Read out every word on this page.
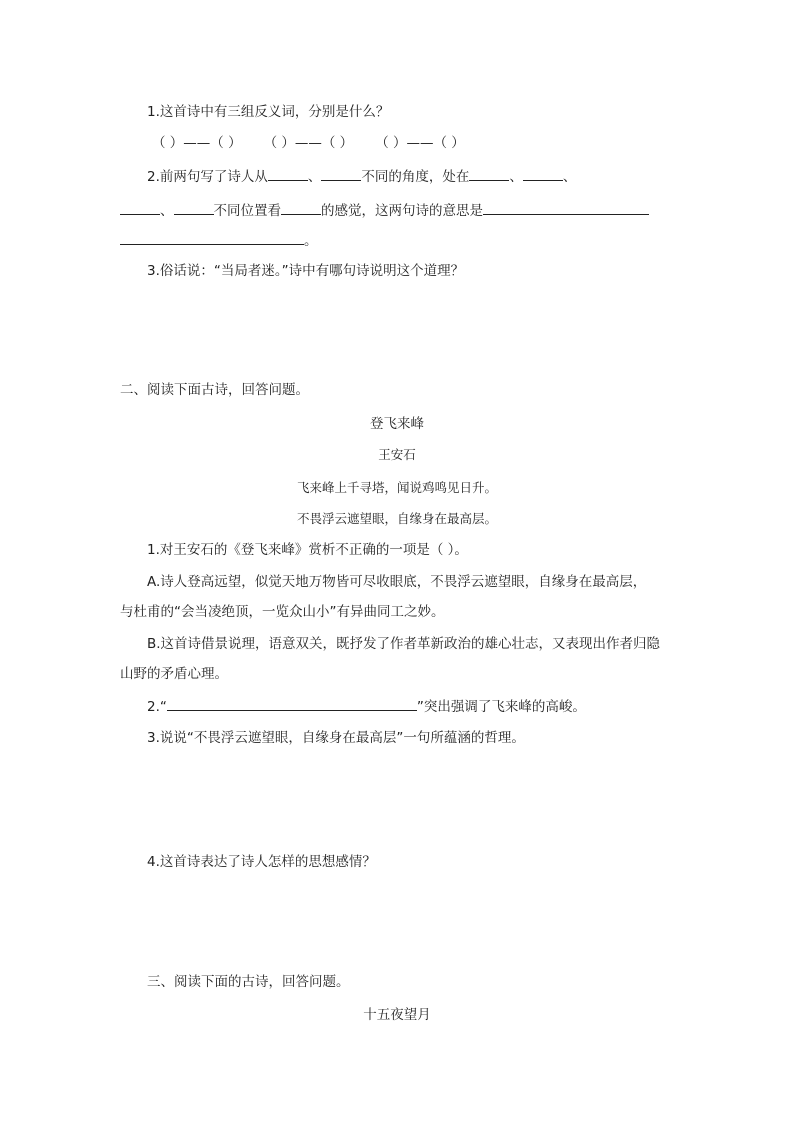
1.这首诗中有三组反义词，分别是什么？
（ ）——（ ） （ ）——（ ） （ ）——（ ）
2.前两句写了诗人从	、	不同的角度，处在	、	、
、	不同位置看	的感觉，这两句诗的意思是
。
3.俗话说：“当局者迷。”诗中有哪句诗说明这个道理？
二、阅读下面古诗，回答问题。
登飞来峰
王安石
飞来峰上千寻塔，闻说鸡鸣见日升。
不畏浮云遮望眼，自缘身在最高层。
1.对王安石的《登飞来峰》赏析不正确的一项是（ ）。
A.诗人登高远望，似觉天地万物皆可尽收眼底，不畏浮云遮望眼，自缘身在最高层，
与杜甫的“会当凌绝顶，一览众山小”有异曲同工之妙。
B.这首诗借景说理，语意双关，既抒发了作者革新政治的雄心壮志，又表现出作者归隐
山野的矛盾心理。
2.“	”突出强调了飞来峰的高峻。
3.说说“不畏浮云遮望眼，自缘身在最高层”一句所蕴涵的哲理。
4.这首诗表达了诗人怎样的思想感情？
三、阅读下面的古诗，回答问题。
十五夜望月
